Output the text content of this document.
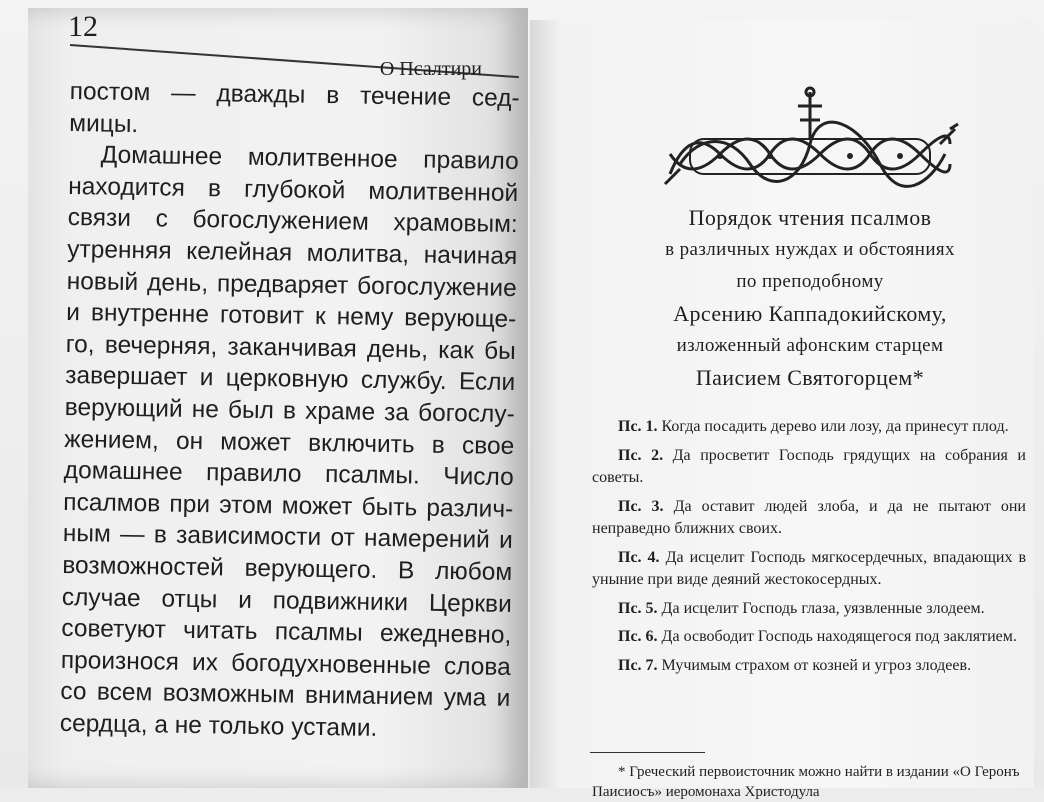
12
О Псалтири
постом — дважды в течение сед-
мицы.
Домашнее молитвенное правило
находится в глубокой молитвенной
связи с богослужением храмовым:
утренняя келейная молитва, начиная
новый день, предваряет богослужение
и внутренне готовит к нему верующе-
го, вечерняя, заканчивая день, как бы
завершает и церковную службу. Если
верующий не был в храме за богослу-
жением, он может включить в свое
домашнее правило псалмы. Число
псалмов при этом может быть различ-
ным — в зависимости от намерений и
возможностей верующего. В любом
случае отцы и подвижники Церкви
советуют читать псалмы ежедневно,
произнося их богодухновенные слова
со всем возможным вниманием ума и
сердца, а не только устами.
Порядок чтения псалмов
в различных нуждах и обстояниях
по преподобному
Арсению Каппадокийскому,
изложенный афонским старцем
Паисием Святогорцем*

Пс. 1. Когда посадить дерево или лозу, да принесут плод.

Пс. 2. Да просветит Господь грядущих на собрания и советы.

Пс. 3. Да оставит людей злоба, и да не пытают они неправедно ближних своих.

Пс. 4. Да исцелит Господь мягкосердечных, впадающих в уныние при виде деяний жестокосердных.

Пс. 5. Да исцелит Господь глаза, уязвленные злодеем.

Пс. 6. Да освободит Господь находящегося под заклятием.

Пс. 7. Мучимым страхом от козней и угроз злодеев.

* Греческий первоисточник можно найти в издании «О Геронъ Паисиосъ» иеромонаха Христодула
